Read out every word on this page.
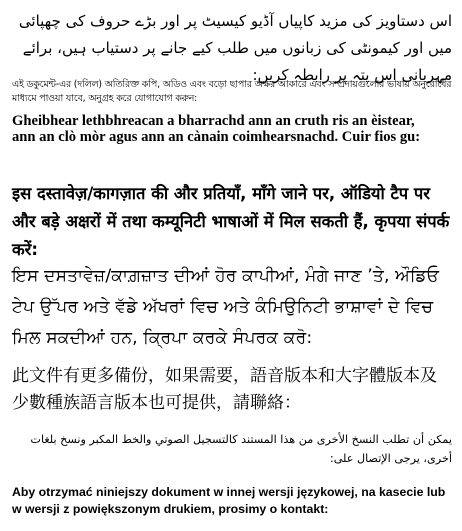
اس دستاویز کی مزید کاپیاں آڈیو کیسیٹ پر اور بڑے حروف کی چھپائی میں اور کیمونٹی کی زبانوں میں طلب کیے جانے پر دستیاب ہیں، برائے مہربانی اس پتہ پر رابطہ کریں:

এই ডকুমেন্ট-এর (দলিল) অতিরিক্ত কপি, অডিও এবং বড়ো ছাপার অক্ষর আকারে এবং সম্প্রদায়গুলোর ভাষায় অনুরোধের মাধ্যমে পাওয়া যাবে, অনুগ্রহ করে যোগাযোগ করুন:

Gheibhear lethbhreacan a bharrachd ann an cruth ris an èistear, ann an clò mòr agus ann an cànain coimhearsnachd. Cuir fios gu:

इस दस्तावेज़/कागज़ात की और प्रतियाँ, माँगे जाने पर, ऑडियो टैप पर और बड़े अक्षरों में तथा कम्यूनिटी भाषाओं में मिल सकती हैं, कृपया संपर्क करें:

ਇਸ ਦਸਤਾਵੇਜ਼/ਕਾਗ਼ਜ਼ਾਤ ਦੀਆਂ ਹੋਰ ਕਾਪੀਆਂ, ਮੰਗੇ ਜਾਣ ’ਤੇ, ਔਡਿਓ ਟੇਪ ਉੱਪਰ ਅਤੇ ਵੱਡੇ ਅੱਖਰਾਂ ਵਿਚ ਅਤੇ ਕੰਮਿਉਨਿਟੀ ਭਾਸ਼ਾਵਾਂ ਦੇ ਵਿਚ ਮਿਲ ਸਕਦੀਆਂ ਹਨ, ਕ੍ਰਿਪਾ ਕਰਕੇ ਸੰਪਰਕ ਕਰੋ:

此文件有更多備份，如果需要，語音版本和大字體版本及少數種族語言版本也可提供，請聯絡：

يمكن أن تطلب النسخ الأخرى من هذا المستند كالتسجيل الصوتي والخط المكبر ونسخ بلغات أخرى، يرجى الإتصال على:

Aby otrzymać niniejszy dokument w innej wersji językowej, na kasecie lub w wersji z powiększonym drukiem, prosimy o kontakt:
